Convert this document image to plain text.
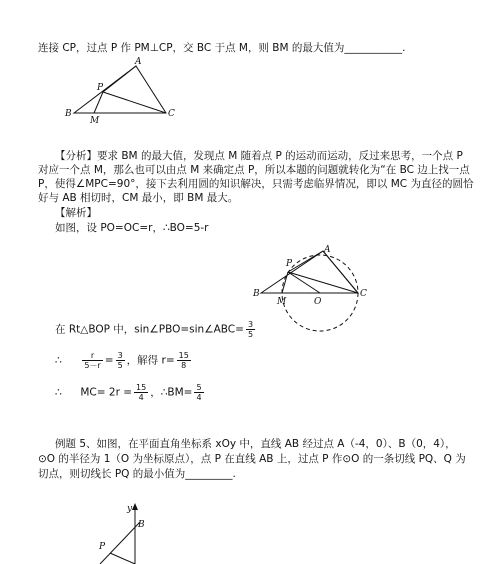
连接 CP，过点 P 作 PM⊥CP，交 BC 于点 M，则 BM 的最大值为___________.
A
B	C
P
M
A
B	C
P
M	O
y
B
P
【分析】要求 BM 的最大值，发现点 M 随着点 P 的运动而运动，反过来思考，一个点 P
对应一个点 M，那么也可以由点 M 来确定点 P，所以本题的问题就转化为“在 BC 边上找一点
P，使得∠MPC=90°，接下去利用圆的知识解决，只需考虑临界情况，即以 MC 为直径的圆恰
好与 AB 相切时，CM 最小，即 BM 最大。
【解析】
如图，设 PO=OC=r，∴BO=5-r
在 Rt△BOP 中，sin∠PBO=sin∠ABC= $\frac{3}{5}$
∴	$\frac{r}{5-r} = \frac{3}{5}$ ，解得 $r= \frac{15}{8}$
∴ $MC= 2r = \frac{15}{4}$ ，∴BM= $\frac{5}{4}$
例题 5、如图，在平面直角坐标系 xOy 中，直线 AB 经过点 A（-4，0）、B（0，4），
⊙O 的半径为 1（O 为坐标原点），点 P 在直线 AB 上，过点 P 作⊙O 的一条切线 PQ、Q 为
切点，则切线长 PQ 的最小值为_________.
